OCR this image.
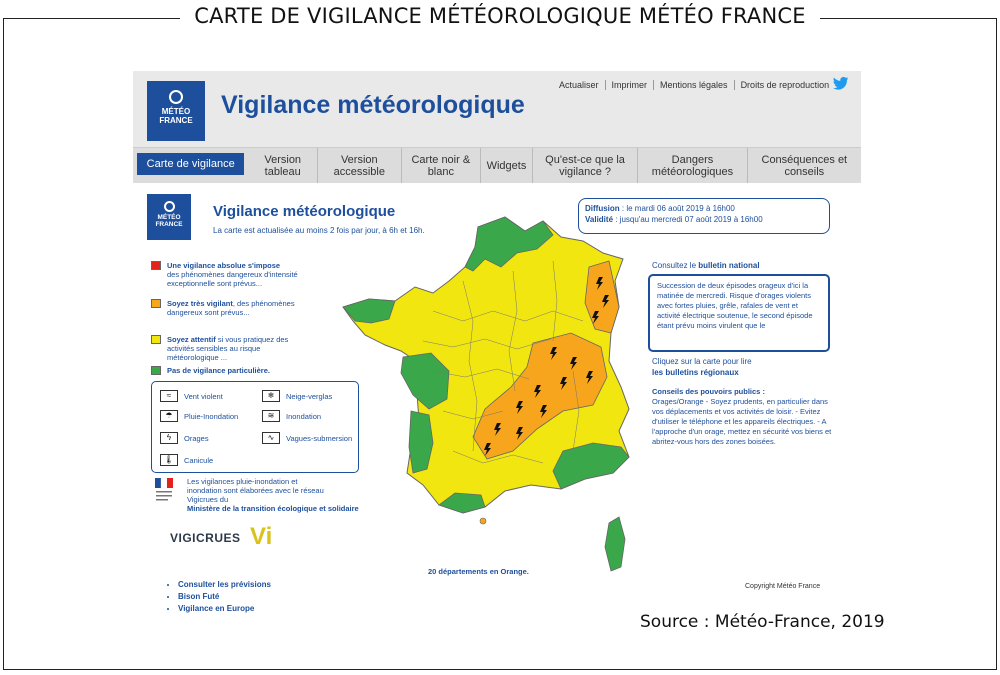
CARTE DE VIGILANCE MÉTÉOROLOGIQUE MÉTÉO FRANCE
MÉTÉO
FRANCE
Vigilance météorologique
Actualiser	Imprimer	Mentions légales	Droits de reproduction
Carte de vigilance	Version tableau
Version accessible
Carte noir & blanc	Widgets	Qu'est-ce que la vigilance ?
Dangers météorologiques
Conséquences et conseils
MÉTÉO
FRANCE
Vigilance météorologique
La carte est actualisée au moins 2 fois par jour, à 6h et 16h.
Une vigilance absolue s'impose
des phénomènes dangereux d'intensité exceptionnelle sont prévus...
Soyez très vigilant, des phénomènes dangereux sont prévus...
Soyez attentif si vous pratiquez des activités sensibles au risque météorologique ...
Pas de vigilance particulière.
≈	Vent violent	❄	Neige-verglas
☂	Pluie-Inondation	≋	Inondation
ϟ	Orages	∿	Vagues-submersion
🌡	Canicule
Les vigilances pluie-inondation et inondation sont élaborées avec le réseau Vigicrues du
Ministère de la transition écologique et solidaire
VIGICRUES Vi
• Consulter les prévisions
• Bison Futé
• Vigilance en Europe
20 départements en Orange.
Diffusion : le mardi 06 août 2019 à 16h00
Validité : jusqu'au mercredi 07 août 2019 à 16h00
Consultez le bulletin national
Succession de deux épisodes orageux d'ici la matinée de mercredi. Risque d'orages violents avec fortes pluies, grêle, rafales de vent et activité électrique soutenue, le second épisode étant prévu moins virulent que le
Cliquez sur la carte pour lire
les bulletins régionaux
Conseils des pouvoirs publics :
Orages/Orange - Soyez prudents, en particulier dans vos déplacements et vos activités de loisir. - Evitez d'utiliser le téléphone et les appareils électriques. - A l'approche d'un orage, mettez en sécurité vos biens et abritez-vous hors des zones boisées.
Copyright Météo France
Source : Météo-France, 2019
